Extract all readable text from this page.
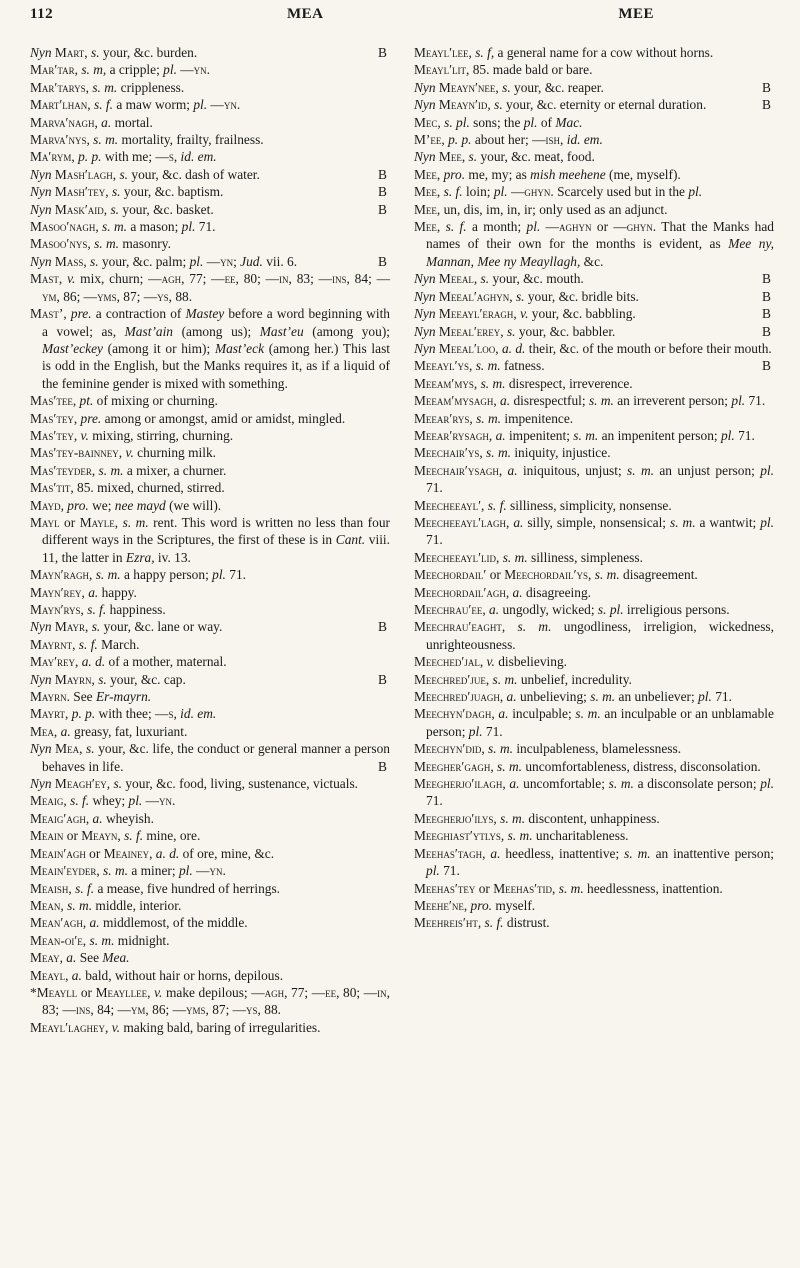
112	MEA	MEE

Nyn Mart, s. your, &c. burden.	B

Mar′tar, s. m, a cripple; pl. —yn.

Mar′tarys, s. m. crippleness.

Mart′lhan, s. f. a maw worm; pl. —yn.

Marva′nagh, a. mortal.

Marva′nys, s. m. mortality, frailty, frailness.

Ma′rym, p. p. with me; —s, id. em.

Nyn Mash′lagh, s. your, &c. dash of water.	B

Nyn Mash′tey, s. your, &c. baptism.	B

Nyn Mask′aid, s. your, &c. basket.	B

Masoo′nagh, s. m. a mason; pl. 71.

Masoo′nys, s. m. masonry.

Nyn Mass, s. your, &c. palm; pl. —yn; Jud. vii. 6.	B

Mast, v. mix, churn; —agh, 77; —ee, 80; —in, 83; —ins, 84; —ym, 86; —yms, 87; —ys, 88.

Mast’, pre. a contraction of Mastey before a word beginning with a vowel; as, Mast’ain (among us); Mast’eu (among you); Mast’eckey (among it or him); Mast’eck (among her.) This last is odd in the English, but the Manks requires it, as if a liquid of the feminine gender is mixed with something.

Mas′tee, pt. of mixing or churning.

Mas′tey, pre. among or amongst, amid or amidst, mingled.

Mas′tey, v. mixing, stirring, churning.

Mas′tey-bainney, v. churning milk.

Mas′teyder, s. m. a mixer, a churner.

Mas′tit, 85. mixed, churned, stirred.

Mayd, pro. we; nee mayd (we will).

Mayl or Mayle, s. m. rent. This word is written no less than four different ways in the Scriptures, the first of these is in Cant. viii. 11, the latter in Ezra, iv. 13.

Mayn′ragh, s. m. a happy person; pl. 71.

Mayn′rey, a. happy.

Mayn′rys, s. f. happiness.

Nyn Mayr, s. your, &c. lane or way.	B

Mayrnt, s. f. March.

May′rey, a. d. of a mother, maternal.

Nyn Mayrn, s. your, &c. cap.	B

Mayrn. See Er-mayrn.

Mayrt, p. p. with thee; —s, id. em.

Mea, a. greasy, fat, luxuriant.

Nyn Mea, s. your, &c. life, the conduct or general manner a person behaves in life.	B

Nyn Meagh′ey, s. your, &c. food, living, sustenance, victuals.

Meaig, s. f. whey; pl. —yn.

Meaig′agh, a. wheyish.

Meain or Meayn, s. f. mine, ore.

Meain′agh or Meainey, a. d. of ore, mine, &c.

Meain′eyder, s. m. a miner; pl. —yn.

Meaish, s. f. a mease, five hundred of herrings.

Mean, s. m. middle, interior.

Mean′agh, a. middlemost, of the middle.

Mean-oi′e, s. m. midnight.

Meay, a. See Mea.

Meayl, a. bald, without hair or horns, depilous.

*Meayll or Meayllee, v. make depilous; —agh, 77; —ee, 80; —in, 83; —ins, 84; —ym, 86; —yms, 87; —ys, 88.

Meayl′laghey, v. making bald, baring of irregularities.

Meayl′lee, s. f, a general name for a cow without horns.

Meayl′lit, 85. made bald or bare.

Nyn Meayn′nee, s. your, &c. reaper.	B

Nyn Meayn′id, s. your, &c. eternity or eternal duration.	B

Mec, s. pl. sons; the pl. of Mac.

M’ee, p. p. about her; —ish, id. em.

Nyn Mee, s. your, &c. meat, food.

Mee, pro. me, my; as mish meehene (me, myself).

Mee, s. f. loin; pl. —ghyn. Scarcely used but in the pl.

Mee, un, dis, im, in, ir; only used as an adjunct.

Mee, s. f. a month; pl. —aghyn or —ghyn. That the Manks had names of their own for the months is evident, as Mee ny, Mannan, Mee ny Meayllagh, &c.

Nyn Meeal, s. your, &c. mouth.	B

Nyn Meeal′aghyn, s. your, &c. bridle bits.	B

Nyn Meeayl′eragh, v. your, &c. babbling.	B

Nyn Meeal′erey, s. your, &c. babbler.	B

Nyn Meeal′loo, a. d. their, &c. of the mouth or before their mouth.
B

Meeayl′ys, s. m. fatness.

Meeam′mys, s. m. disrespect, irreverence.

Meeam′mysagh, a. disrespectful; s. m. an irreverent person; pl. 71.

Meear′rys, s. m. impenitence.

Meear′rysagh, a. impenitent; s. m. an impenitent person; pl. 71.

Meechair′ys, s. m. iniquity, injustice.

Meechair′ysagh, a. iniquitous, unjust; s. m. an unjust person; pl. 71.

Meecheeayl′, s. f. silliness, simplicity, nonsense.

Meecheeayl′lagh, a. silly, simple, nonsensical; s. m. a wantwit; pl. 71.

Meecheeayl′lid, s. m. silliness, simpleness.

Meechordail′ or Meechordail′ys, s. m. disagreement.

Meechordail′agh, a. disagreeing.

Meechrau′ee, a. ungodly, wicked; s. pl. irreligious persons.

Meechrau′eaght, s. m. ungodliness, irreligion, wickedness, unrighteousness.

Meeched′jal, v. disbelieving.

Meechred′jue, s. m. unbelief, incredulity.

Meechred′juagh, a. unbelieving; s. m. an unbeliever; pl. 71.

Meechyn′dagh, a. inculpable; s. m. an inculpable or an unblamable person; pl. 71.

Meechyn′did, s. m. inculpableness, blamelessness.

Meegher′gagh, s. m. uncomfortableness, distress, disconsolation.

Meegherjo′ilagh, a. uncomfortable; s. m. a disconsolate person; pl. 71.

Meegherjo′ilys, s. m. discontent, unhappiness.

Meeghiast′ytlys, s. m. uncharitableness.

Meehas′tagh, a. heedless, inattentive; s. m. an inattentive person; pl. 71.

Meehas′tey or Meehas′tid, s. m. heedlessness, inattention.

Meehe′ne, pro. myself.

Meehreis′ht, s. f. distrust.
